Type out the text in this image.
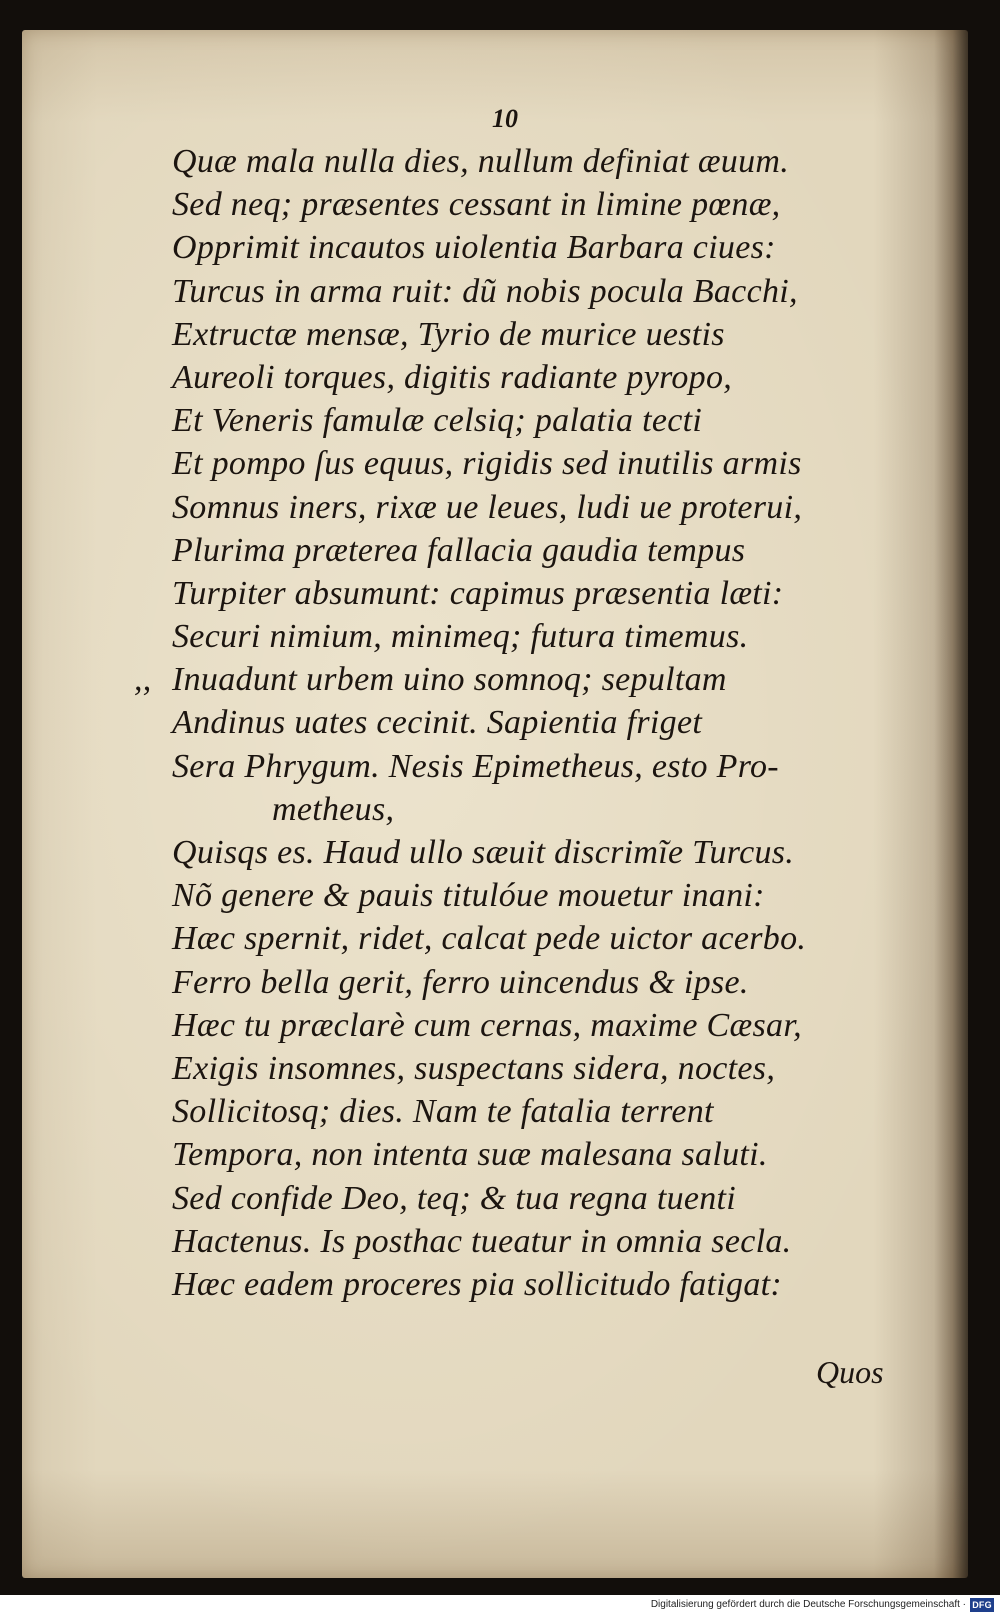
10
Quæ mala nulla dies, nullum definiat æuum.
Sed neq; præsentes cessant in limine pœnæ,
Opprimit incautos uiolentia Barbara ciues:
Turcus in arma ruit: dũ nobis pocula Bacchi,
Extructæ mensæ, Tyrio de murice uestis
Aureoli torques, digitis radiante pyropo,
Et Veneris famulæ celsiq; palatia tecti
Et pompo ſus equus, rigidis sed inutilis armis
Somnus iners, rixæ ue leues, ludi ue proterui,
Plurima præterea fallacia gaudia tempus
Turpiter absumunt: capimus præsentia læti:
Securi nimium, minimeq; futura timemus.
,, Inuadunt urbem uino somnoq; sepultam
Andinus uates cecinit. Sapientia friget
Sera Phrygum. Nesis Epimetheus, esto Pro-
metheus,
Quisqs es. Haud ullo sæuit discrimĩe Turcus.
Nõ genere & pauis titulóue mouetur inani:
Hæc spernit, ridet, calcat pede uictor acerbo.
Ferro bella gerit, ferro uincendus & ipse.
Hæc tu præclarè cum cernas, maxime Cæsar,
Exigis insomnes, suspectans sidera, noctes,
Sollicitosq; dies. Nam te fatalia terrent
Tempora, non intenta suæ malesana saluti.
Sed confide Deo, teq; & tua regna tuenti
Hactenus. Is posthac tueatur in omnia secla.
Hæc eadem proceres pia sollicitudo fatigat:
Quos
Digitalisierung gefördert durch die Deutsche Forschungsgemeinschaft · DFG
